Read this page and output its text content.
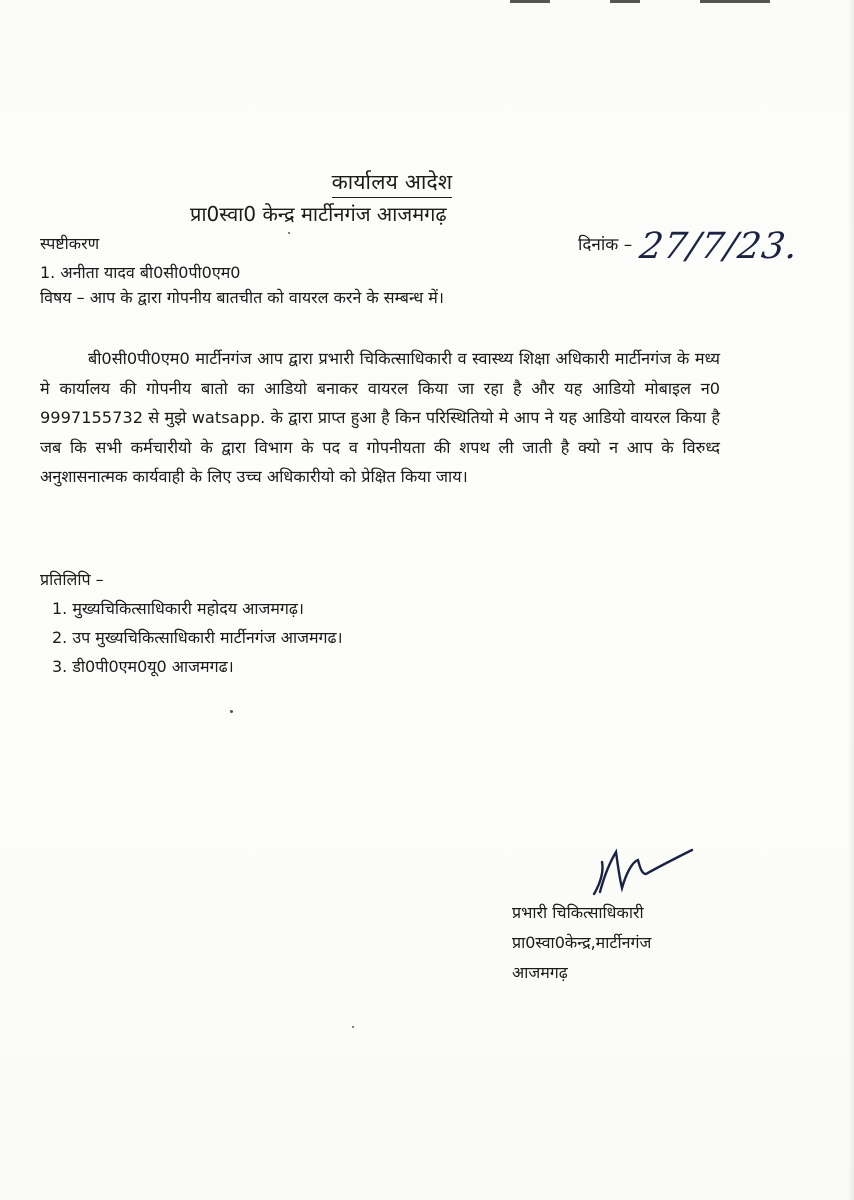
कार्यालय आदेश
प्रा0स्वा0 केन्द्र मार्टीनगंज आजमगढ़
स्पष्टीकरण	दिनांक – 27/7/23.
1. अनीता यादव बी0सी0पी0एम0
विषय – आप के द्वारा गोपनीय बातचीत को वायरल करने के सम्बन्ध में।
बी0सी0पी0एम0 मार्टीनगंज आप द्वारा प्रभारी चिकित्साधिकारी व स्वास्थ्य शिक्षा अधिकारी मार्टीनगंज के मध्य मे कार्यालय की गोपनीय बातो का आडियो बनाकर वायरल किया जा रहा है और यह आडियो मोबाइल न0 9997155732 से मुझे watsapp. के द्वारा प्राप्त हुआ है किन परिस्थितियो मे आप ने यह आडियो वायरल किया है जब कि सभी कर्मचारीयो के द्वारा विभाग के पद व गोपनीयता की शपथ ली जाती है क्यो न आप के विरुध्द अनुशासनात्मक कार्यवाही के लिए उच्च अधिकारीयो को प्रेक्षित किया जाय।
प्रतिलिपि –
1. मुख्यचिकित्साधिकारी महोदय आजमगढ़।
2. उप मुख्यचिकित्साधिकारी मार्टीनगंज आजमगढ।
3. डी0पी0एम0यू0 आजमगढ।
प्रभारी चिकित्साधिकारी
प्रा0स्वा0केन्द्र,मार्टीनगंज
आजमगढ़
